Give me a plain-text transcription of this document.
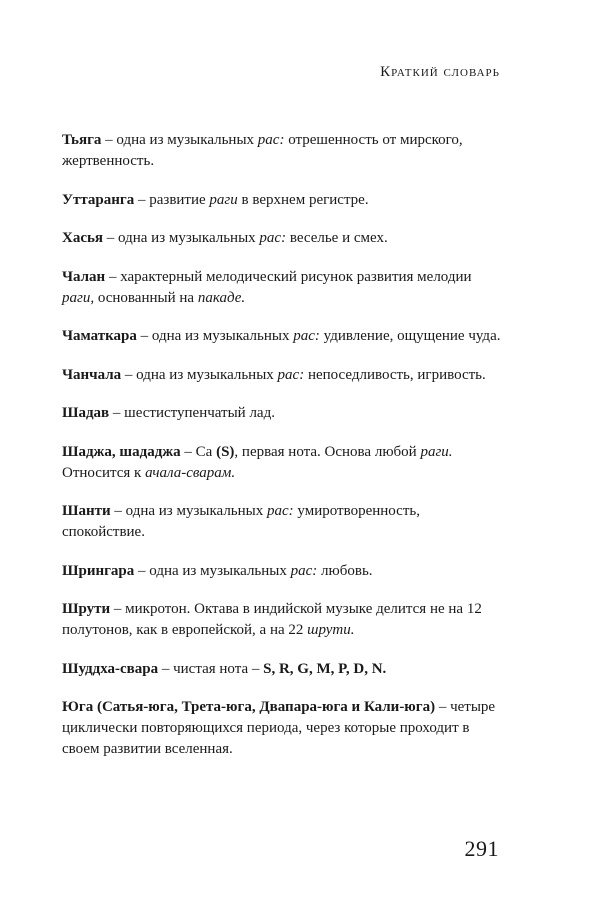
Краткий словарь

Тьяга – одна из музыкальных рас: отрешенность от мирского, жертвенность.

Уттаранга – развитие раги в верхнем регистре.

Хасья – одна из музыкальных рас: веселье и смех.

Чалан – характерный мелодический рисунок развития мелодии раги, основанный на пакаде.

Чаматкара – одна из музыкальных рас: удивление, ощущение чуда.

Чанчала – одна из музыкальных рас: непоседливость, игривость.

Шадав – шестиступенчатый лад.

Шаджа, шададжа – Са (S), первая нота. Основа любой раги. Относится к ачала-сварам.

Шанти – одна из музыкальных рас: умиротворенность, спокойствие.

Шрингара – одна из музыкальных рас: любовь.

Шрути – микротон. Октава в индийской музыке делится не на 12 полутонов, как в европейской, а на 22 шрути.

Шуддха-свара – чистая нота – S, R, G, M, P, D, N.

Юга (Сатья-юга, Трета-юга, Двапара-юга и Кали-юга) – четыре циклически повторяющихся периода, через которые проходит в своем развитии вселенная.

291
